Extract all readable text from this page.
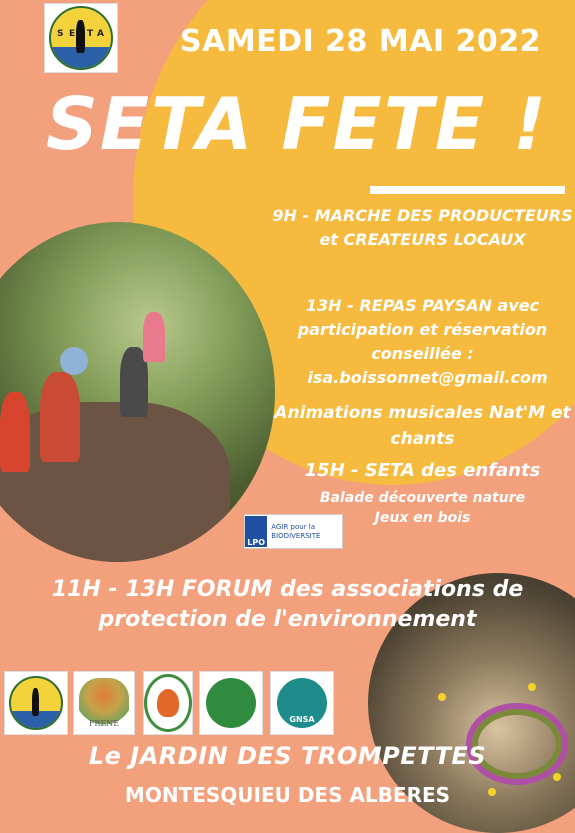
S E T A	SAMEDI 28 MAI 2022
SETA FETE !
9H - MARCHE DES PRODUCTEURS et CREATEURS LOCAUX
13H - REPAS PAYSAN avec participation et réservation conseillée :
isa.boissonnet@gmail.com
Animations musicales Nat'M et chants
15H - SETA des enfants
Balade découverte nature
Jeux en bois
LPO
AGIR pour la BIODIVERSITÉ
11H - 13H FORUM des associations de protection de l'environnement
FRENE	GNSA
Le JARDIN DES TROMPETTES
MONTESQUIEU DES ALBERES
